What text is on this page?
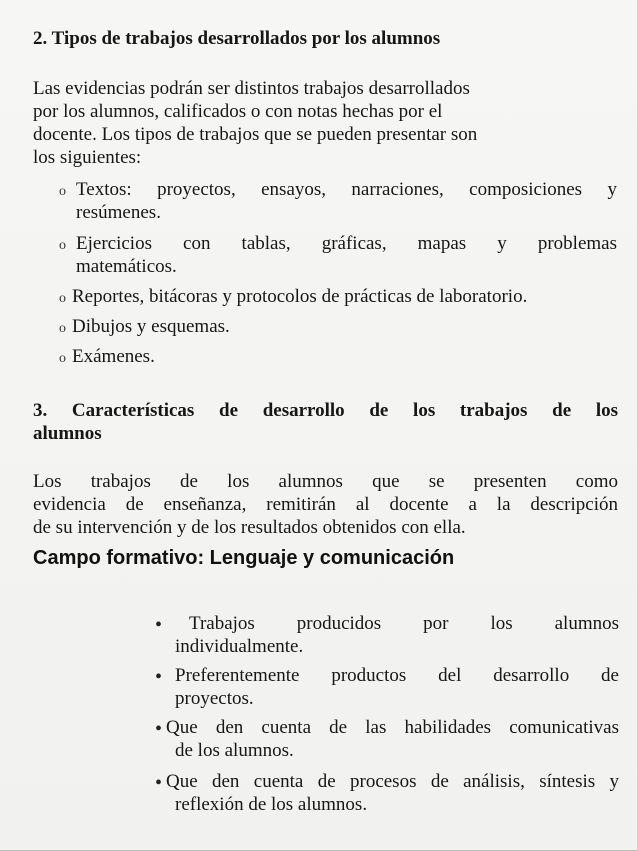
2. Tipos de trabajos desarrollados por los alumnos
Las evidencias podrán ser distintos trabajos desarrollados
por los alumnos, calificados o con notas hechas por el
docente. Los tipos de trabajos que se pueden presentar son
los siguientes:
o Textos: proyectos, ensayos, narraciones, composiciones y
resúmenes.
o Ejercicios con tablas, gráficas, mapas y problemas
matemáticos.
o Reportes, bitácoras y protocolos de prácticas de laboratorio.
o Dibujos y esquemas.
o Exámenes.
3. Características de desarrollo de los trabajos de los
alumnos
Los trabajos de los alumnos que se presenten como
evidencia de enseñanza, remitirán al docente a la descripción
de su intervención y de los resultados obtenidos con ella.
Campo formativo: Lenguaje y comunicación
•	Trabajos producidos por los alumnos
individualmente.
• Preferentemente productos del desarrollo de
proyectos.
• Que den cuenta de las habilidades comunicativas
de los alumnos.
• Que den cuenta de procesos de análisis, síntesis y
reflexión de los alumnos.
